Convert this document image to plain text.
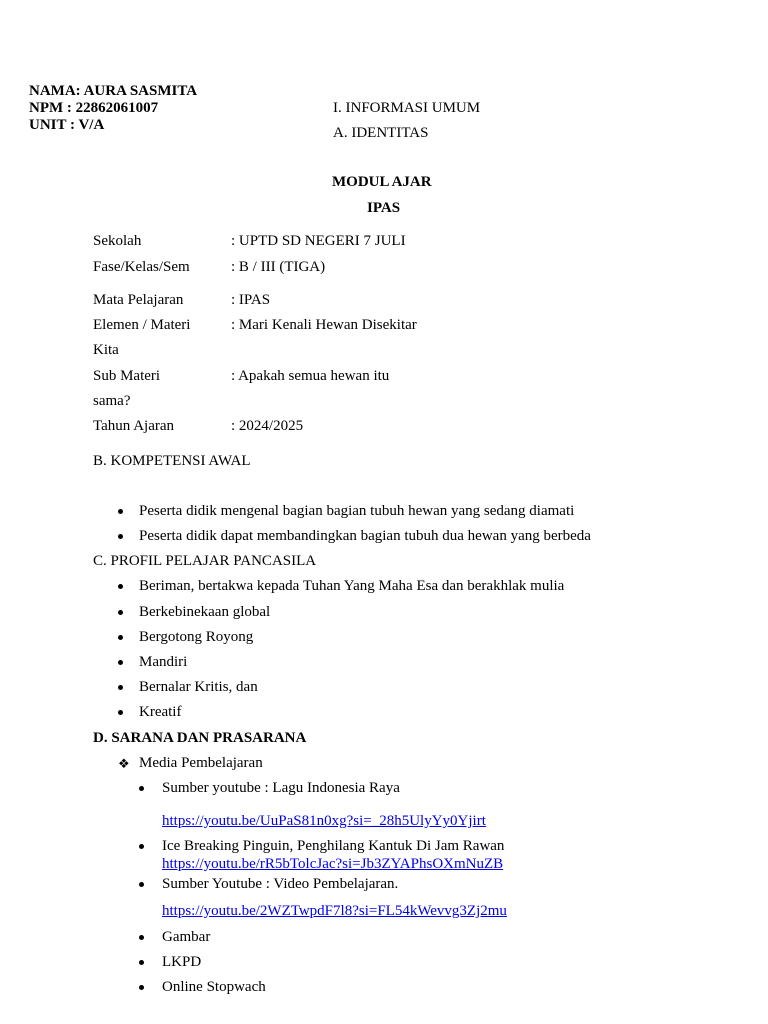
NAMA: AURA SASMITA
NPM : 22862061007
UNIT : V/A
I. INFORMASI UMUM
A. IDENTITAS
MODUL AJAR
IPAS
Sekolah	: UPTD SD NEGERI 7 JULI
Fase/Kelas/Sem	: B / III (TIGA)
Mata Pelajaran	: IPAS
Elemen / Materi	: Mari Kenali Hewan Disekitar
Kita
Sub Materi	: Apakah semua hewan itu
sama?
Tahun Ajaran	: 2024/2025
B. KOMPETENSI AWAL
Peserta didik mengenal bagian bagian tubuh hewan yang sedang diamati
Peserta didik dapat membandingkan bagian tubuh dua hewan yang berbeda
C. PROFIL PELAJAR PANCASILA
Beriman, bertakwa kepada Tuhan Yang Maha Esa dan berakhlak mulia
Berkebinekaan global
Bergotong Royong
Mandiri
Bernalar Kritis, dan
Kreatif
D. SARANA DAN PRASARANA
❖ Media Pembelajaran
Sumber youtube : Lagu Indonesia Raya
https://youtu.be/UuPaS81n0xg?si=_28h5UlyYy0Yjirt
Ice Breaking Pinguin, Penghilang Kantuk Di Jam Rawan
https://youtu.be/rR5bTolcJac?si=Jb3ZYAPhsOXmNuZB
Sumber Youtube : Video Pembelajaran.
https://youtu.be/2WZTwpdF7l8?si=FL54kWevvg3Zj2mu
Gambar
LKPD
Online Stopwach
